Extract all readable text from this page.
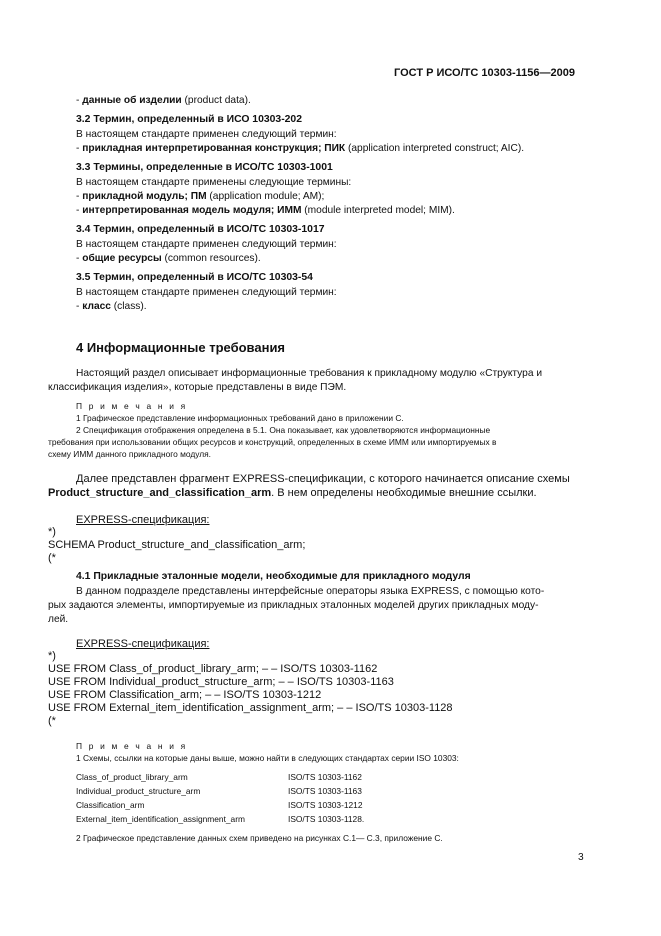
ГОСТ Р ИСО/ТС 10303-1156—2009
- данные об изделии (product data).
3.2 Термин, определенный в ИСО 10303-202
В настоящем стандарте применен следующий термин:
- прикладная интерпретированная конструкция; ПИК (application interpreted construct; AIC).
3.3 Термины, определенные в ИСО/ТС 10303-1001
В настоящем стандарте применены следующие термины:
- прикладной модуль; ПМ (application module; AM);
- интерпретированная модель модуля; ИММ (module interpreted model; MIM).
3.4 Термин, определенный в ИСО/ТС 10303-1017
В настоящем стандарте применен следующий термин:
- общие ресурсы (common resources).
3.5 Термин, определенный в ИСО/ТС 10303-54
В настоящем стандарте применен следующий термин:
- класс (class).
4 Информационные требования
Настоящий раздел описывает информационные требования к прикладному модулю «Структура и
классификация изделия», которые представлены в виде ПЭМ.
П р и м е ч а н и я
1 Графическое представление информационных требований дано в приложении С.
2 Спецификация отображения определена в 5.1. Она показывает, как удовлетворяются информационные
требования при использовании общих ресурсов и конструкций, определенных в схеме ИММ или импортируемых в
схему ИММ данного прикладного модуля.
Далее представлен фрагмент EXPRESS-спецификации, с которого начинается описание схемы
Product_structure_and_classification_arm. В нем определены необходимые внешние ссылки.
EXPRESS-спецификация:
*)
SCHEMA Product_structure_and_classification_arm;
(*
4.1 Прикладные эталонные модели, необходимые для прикладного модуля
В данном подразделе представлены интерфейсные операторы языка EXPRESS, с помощью кото-
рых задаются элементы, импортируемые из прикладных эталонных моделей других прикладных моду-
лей.
EXPRESS-спецификация:
*)
USE FROM Class_of_product_library_arm; – – ISO/TS 10303-1162
USE FROM Individual_product_structure_arm; – – ISO/TS 10303-1163
USE FROM Classification_arm; – – ISO/TS 10303-1212
USE FROM External_item_identification_assignment_arm; – – ISO/TS 10303-1128
(*
П р и м е ч а н и я
1 Схемы, ссылки на которые даны выше, можно найти в следующих стандартах серии ISO 10303:
Class_of_product_library_arm	ISO/TS 10303-1162
Individual_product_structure_arm	ISO/TS 10303-1163
Classification_arm	ISO/TS 10303-1212
External_item_identification_assignment_arm	ISO/TS 10303-1128.
2 Графическое представление данных схем приведено на рисунках С.1— С.3, приложение С.
3
